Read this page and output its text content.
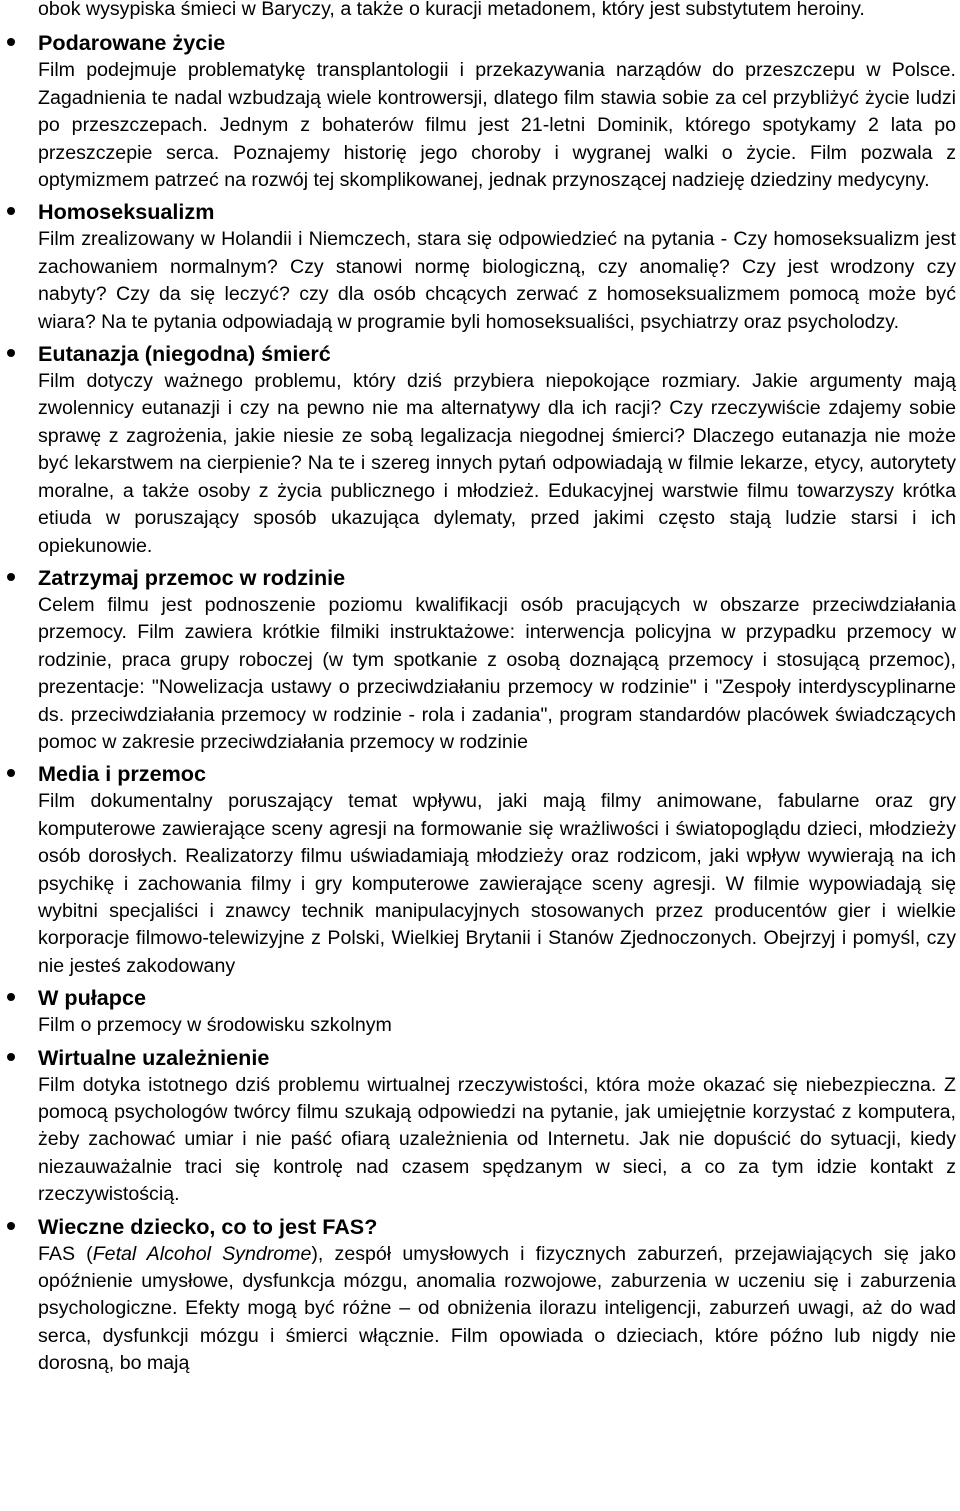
obok wysypiska śmieci w Baryczy, a także o kuracji metadonem, który jest substytutem heroiny.
Podarowane życie
Film podejmuje problematykę transplantologii i przekazywania narządów do przeszczepu w Polsce. Zagadnienia te nadal wzbudzają wiele kontrowersji, dlatego film stawia sobie za cel przybliżyć życie ludzi po przeszczepach. Jednym z bohaterów filmu jest 21-letni Dominik, którego spotykamy 2 lata po przeszczepie serca. Poznajemy historię jego choroby i wygranej walki o życie. Film pozwala z optymizmem patrzeć na rozwój tej skomplikowanej, jednak przynoszącej nadzieję dziedziny medycyny.
Homoseksualizm
Film zrealizowany w Holandii i Niemczech, stara się odpowiedzieć na pytania - Czy homoseksualizm jest zachowaniem normalnym? Czy stanowi normę biologiczną, czy anomalię? Czy jest wrodzony czy nabyty? Czy da się leczyć? czy dla osób chcących zerwać z homoseksualizmem pomocą może być wiara? Na te pytania odpowiadają w programie byli homoseksualiści, psychiatrzy oraz psycholodzy.
Eutanazja (niegodna) śmierć
Film dotyczy ważnego problemu, który dziś przybiera niepokojące rozmiary. Jakie argumenty mają zwolennicy eutanazji i czy na pewno nie ma alternatywy dla ich racji? Czy rzeczywiście zdajemy sobie sprawę z zagrożenia, jakie niesie ze sobą legalizacja niegodnej śmierci? Dlaczego eutanazja nie może być lekarstwem na cierpienie? Na te i szereg innych pytań odpowiadają w filmie lekarze, etycy, autorytety moralne, a także osoby z życia publicznego i młodzież. Edukacyjnej warstwie filmu towarzyszy krótka etiuda w poruszający sposób ukazująca dylematy, przed jakimi często stają ludzie starsi i ich opiekunowie.
Zatrzymaj przemoc w rodzinie
Celem filmu jest podnoszenie poziomu kwalifikacji osób pracujących w obszarze przeciwdziałania przemocy. Film zawiera krótkie filmiki instruktażowe: interwencja policyjna w przypadku przemocy w rodzinie, praca grupy roboczej (w tym spotkanie z osobą doznającą przemocy i stosującą przemoc), prezentacje: "Nowelizacja ustawy o przeciwdziałaniu przemocy w rodzinie" i "Zespoły interdyscyplinarne ds. przeciwdziałania przemocy w rodzinie - rola i zadania", program standardów placówek świadczących pomoc w zakresie przeciwdziałania przemocy w rodzinie
Media i przemoc
Film dokumentalny poruszający temat wpływu, jaki mają filmy animowane, fabularne oraz gry komputerowe zawierające sceny agresji na formowanie się wrażliwości i światopoglądu dzieci, młodzieży osób dorosłych. Realizatorzy filmu uświadamiają młodzieży oraz rodzicom, jaki wpływ wywierają na ich psychikę i zachowania filmy i gry komputerowe zawierające sceny agresji. W filmie wypowiadają się wybitni specjaliści i znawcy technik manipulacyjnych stosowanych przez producentów gier i wielkie korporacje filmowo-telewizyjne z Polski, Wielkiej Brytanii i Stanów Zjednoczonych. Obejrzyj i pomyśl, czy nie jesteś zakodowany
W pułapce
Film o przemocy w środowisku szkolnym
Wirtualne uzależnienie
Film dotyka istotnego dziś problemu wirtualnej rzeczywistości, która może okazać się niebezpieczna. Z pomocą psychologów twórcy filmu szukają odpowiedzi na pytanie, jak umiejętnie korzystać z komputera, żeby zachować umiar i nie paść ofiarą uzależnienia od Internetu. Jak nie dopuścić do sytuacji, kiedy niezauważalnie traci się kontrolę nad czasem spędzanym w sieci, a co za tym idzie kontakt z rzeczywistością.
Wieczne dziecko, co to jest FAS?
FAS (Fetal Alcohol Syndrome), zespół umysłowych i fizycznych zaburzeń, przejawiających się jako opóźnienie umysłowe, dysfunkcja mózgu, anomalia rozwojowe, zaburzenia w uczeniu się i zaburzenia psychologiczne. Efekty mogą być różne – od obniżenia ilorazu inteligencji, zaburzeń uwagi, aż do wad serca, dysfunkcji mózgu i śmierci włącznie. Film opowiada o dzieciach, które późno lub nigdy nie dorosną, bo mają
